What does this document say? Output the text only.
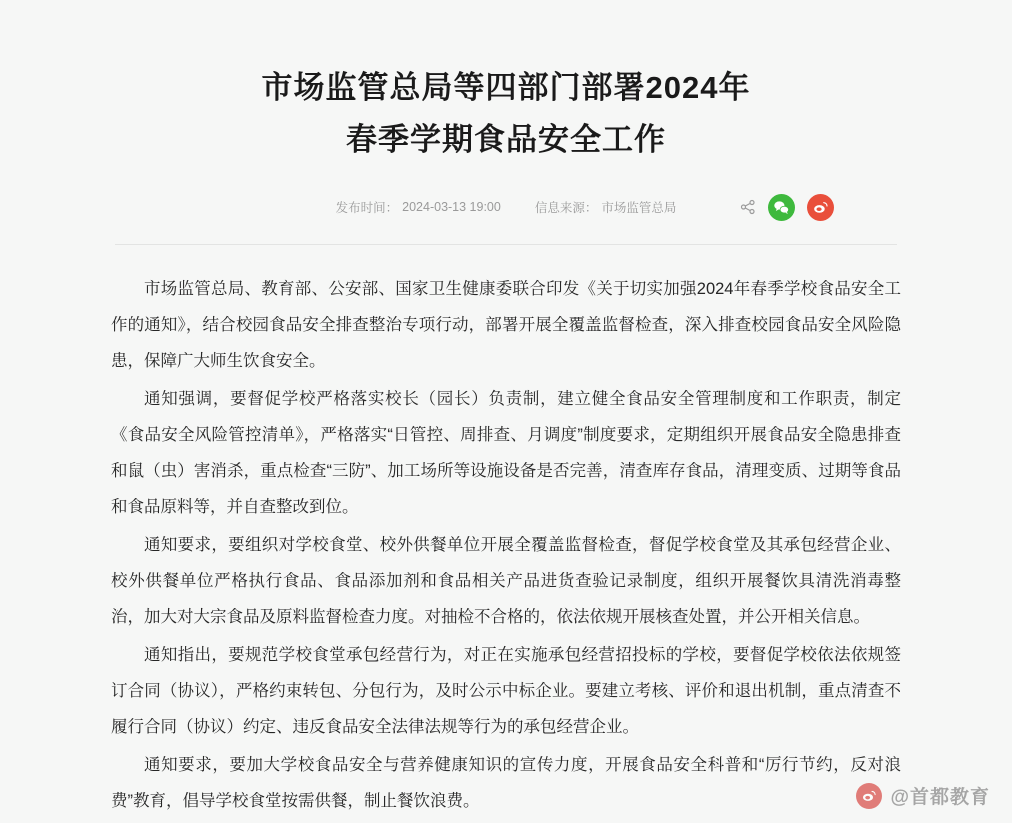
市场监管总局等四部门部署2024年
春季学期食品安全工作
发布时间： 2024-03-13 19:00	信息来源： 市场监管总局

市场监管总局、教育部、公安部、国家卫生健康委联合印发《关于切实加强2024年春季学校食品安全工作的通知》，结合校园食品安全排查整治专项行动，部署开展全覆盖监督检查，深入排查校园食品安全风险隐患，保障广大师生饮食安全。

通知强调，要督促学校严格落实校长（园长）负责制，建立健全食品安全管理制度和工作职责，制定《食品安全风险管控清单》，严格落实“日管控、周排查、月调度”制度要求，定期组织开展食品安全隐患排查和鼠（虫）害消杀，重点检查“三防”、加工场所等设施设备是否完善，清查库存食品，清理变质、过期等食品和食品原料等，并自查整改到位。

通知要求，要组织对学校食堂、校外供餐单位开展全覆盖监督检查，督促学校食堂及其承包经营企业、校外供餐单位严格执行食品、食品添加剂和食品相关产品进货查验记录制度，组织开展餐饮具清洗消毒整治，加大对大宗食品及原料监督检查力度。对抽检不合格的，依法依规开展核查处置，并公开相关信息。

通知指出，要规范学校食堂承包经营行为，对正在实施承包经营招投标的学校，要督促学校依法依规签订合同（协议），严格约束转包、分包行为，及时公示中标企业。要建立考核、评价和退出机制，重点清查不履行合同（协议）约定、违反食品安全法律法规等行为的承包经营企业。

通知要求，要加大学校食品安全与营养健康知识的宣传力度，开展食品安全科普和“厉行节约，反对浪费”教育，倡导学校食堂按需供餐，制止餐饮浪费。	@首都教育
